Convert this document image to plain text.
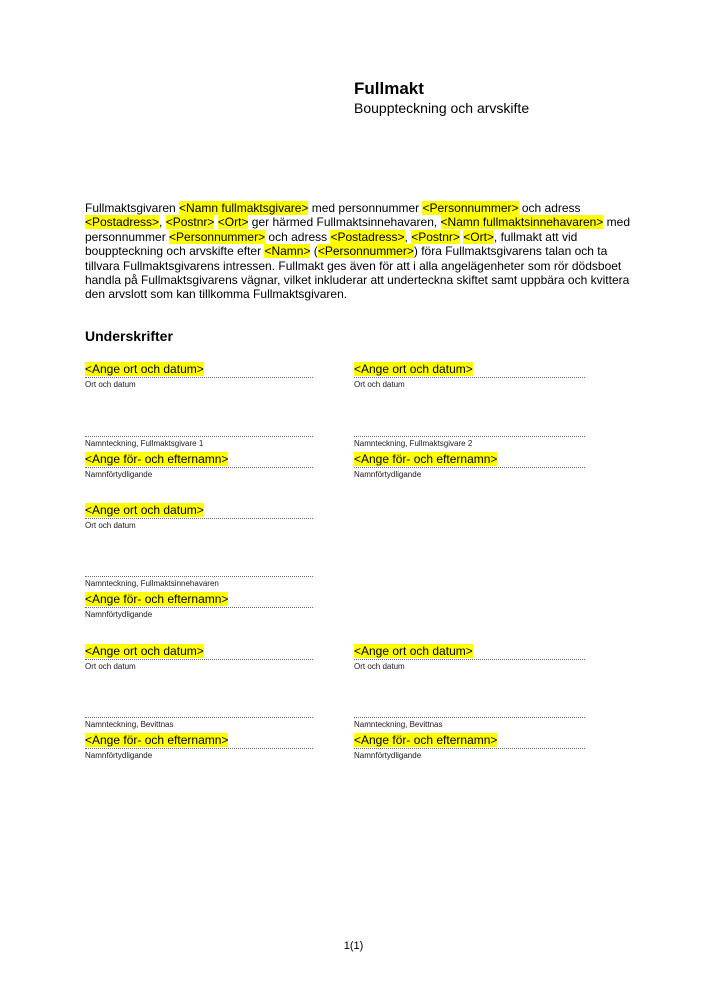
Fullmakt
Bouppteckning och arvskifte

Fullmaktsgivaren <Namn fullmaktsgivare> med personnummer <Personnummer> och adress <Postadress>, <Postnr> <Ort> ger härmed Fullmaktsinnehavaren, <Namn fullmaktsinnehavaren> med personnummer <Personnummer> och adress <Postadress>, <Postnr> <Ort>, fullmakt att vid bouppteckning och arvskifte efter <Namn> (<Personnummer>) föra Fullmaktsgivarens talan och ta tillvara Fullmaktsgivarens intressen. Fullmakt ges även för att i alla angelägenheter som rör dödsboet handla på Fullmaktsgivarens vägnar, vilket inkluderar att underteckna skiftet samt uppbära och kvittera den arvslott som kan tillkomma Fullmaktsgivaren.

Underskrifter
<Ange ort och datum>
Ort och datum
<Ange ort och datum>
Ort och datum
Namnteckning, Fullmaktsgivare 1
<Ange för- och efternamn>
Namnförtydligande
Namnteckning, Fullmaktsgivare 2
<Ange för- och efternamn>
Namnförtydligande
<Ange ort och datum>
Ort och datum
Namnteckning, Fullmaktsinnehavaren
<Ange för- och efternamn>
Namnförtydligande
<Ange ort och datum>
Ort och datum
<Ange ort och datum>
Ort och datum
Namnteckning, Bevittnas
<Ange för- och efternamn>
Namnförtydligande
Namnteckning, Bevittnas
<Ange för- och efternamn>
Namnförtydligande
1(1)
